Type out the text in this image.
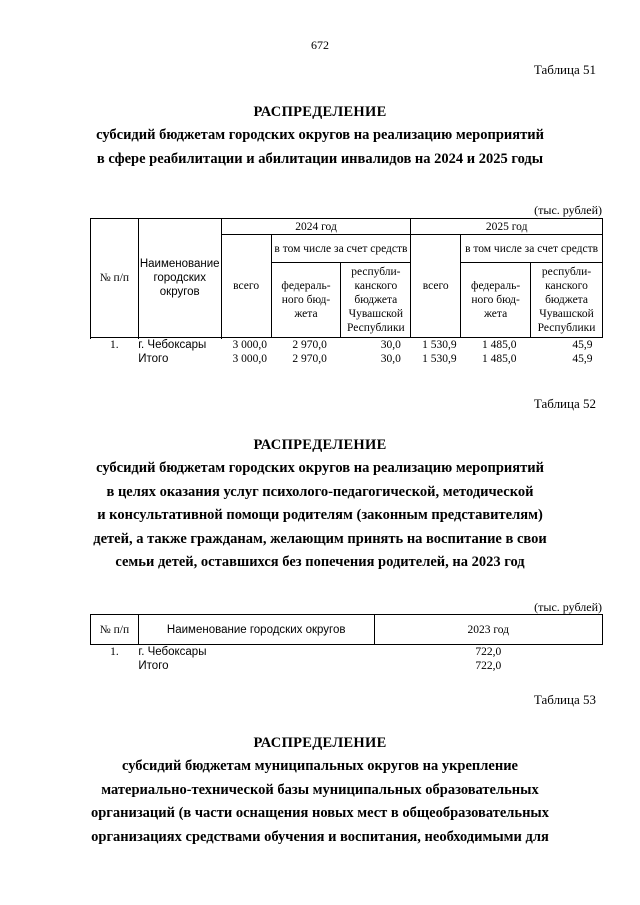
672
Таблица 51
РАСПРЕДЕЛЕНИЕ
субсидий бюджетам городских округов на реализацию мероприятий
в сфере реабилитации и абилитации инвалидов на 2024 и 2025 годы
(тыс. рублей)
№ п/п	Наименование городских округов	2024 год			2025 год		
		всего	в том числе за счет средств		всего	в том числе за счет средств	
			федераль-ного бюд-жета	республи-канского бюджета Чувашской Республики		федераль-ного бюд-жета	республи-канского бюджета Чувашской Республики

1.	г. Чебоксары	3 000,0	2 970,0	30,0	1 530,9	1 485,0	45,9
	Итого	3 000,0	2 970,0	30,0	1 530,9	1 485,0	45,9
Таблица 52
РАСПРЕДЕЛЕНИЕ
субсидий бюджетам городских округов на реализацию мероприятий
в целях оказания услуг психолого-педагогической, методической
и консультативной помощи родителям (законным представителям)
детей, а также гражданам, желающим принять на воспитание в свои
семьи детей, оставшихся без попечения родителей, на 2023 год
(тыс. рублей)
№ п/п	Наименование городских округов	2023 год
1.	г. Чебоксары	722,0
	Итого	722,0
Таблица 53
РАСПРЕДЕЛЕНИЕ
субсидий бюджетам муниципальных округов на укрепление
материально-технической базы муниципальных образовательных
организаций (в части оснащения новых мест в общеобразовательных
организациях средствами обучения и воспитания, необходимыми для
